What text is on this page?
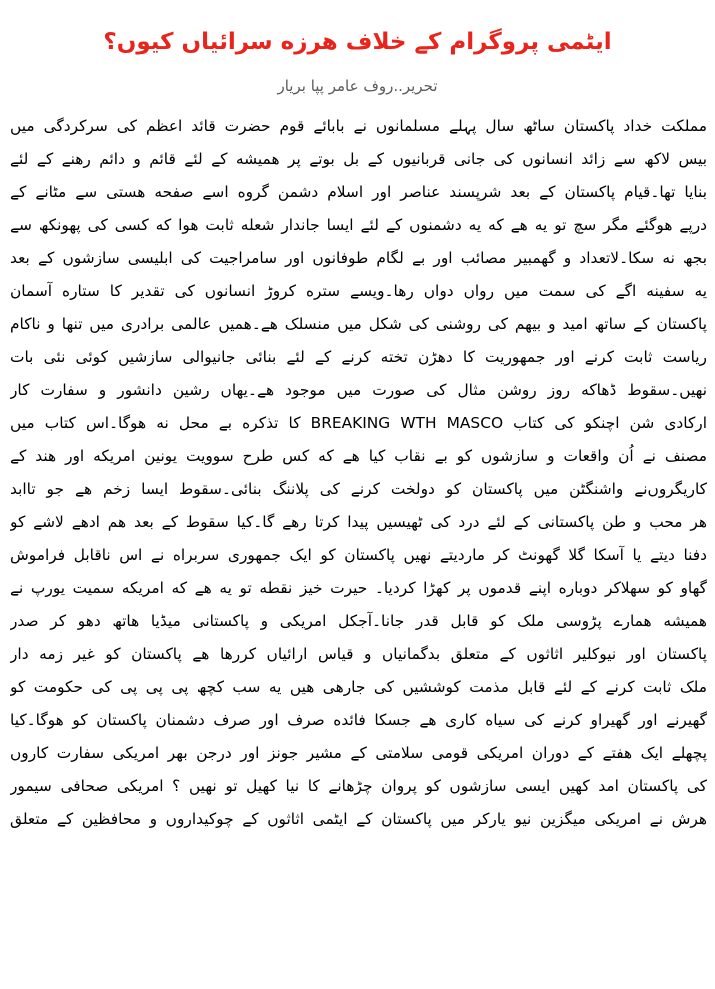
ایٹمی پروگرام کے خلاف هرزه سرائیاں کیوں؟
تحریر..روف عامر پپا بریار
مملکت خداد پاکستان ساٹھ سال پہلے مسلمانوں نے بابائے قوم حضرت قائد اعظم کی سرکردگی میں
بیس لاکھ سے زائد انسانوں کی جانی قربانیوں کے بل بوتے پر همیشه کے لئے قائم و دائم رهنے کے لئے
بنایا تها۔قیام پاکستان کے بعد شرپسند عناصر اور اسلام دشمن گروه اسے صفحه هستی سے مٹانے کے
درپے هوگئے مگر سچ تو یه هے که یه دشمنوں کے لئے ایسا جاندار شعله ثابت هوا که کسی کی پهونکھ سے
بجھ نه سکا۔لاتعداد و گھمبیر مصائب اور بے لگام طوفانوں اور سامراجیت کی ابلیسی سازشوں کے بعد
یه سفینه اگے کی سمت میں رواں دواں رها۔ویسے ستره کروڑ انسانوں کی تقدیر کا ستاره آسمان
پاکستان کے ساتھ امید و بیهم کی روشنی کی شکل میں منسلک هے۔همیں عالمی برادری میں تنها و ناکام
ریاست ثابت کرنے اور جمهوریت کا دهڑن تخته کرنے کے لئے بنائی جانیوالی سازشیں کوئی نئی بات
نهیں۔سقوط ڈهاکه روز روشن مثال کی صورت میں موجود هے۔یهاں رشین دانشور و سفارت کار
ارکادی شن اچنکو کی کتاب BREAKING WTH MASCO کا تذکره بے محل نه هوگا۔اس کتاب میں
مصنف نے اُن واقعات و سازشوں کو بے نقاب کیا هے که کس طرح سوویت یونین امریکه اور هند کے
کاریگروں‌نے واشنگٹن میں پاکستان کو دولخت کرنے کی پلاننگ بنائی۔سقوط ایسا زخم هے جو تاابد
هر محب و طن پاکستانی کے لئے درد کی ٹهیسیں پیدا کرتا رهے گا۔کیا سقوط کے بعد هم ادهے لاشے کو
دفنا دیتے یا آسکا گلا گھونٹ کر ماردیتے نهیں پاکستان کو ایک جمهوری سربراه نے اس ناقابل فراموش
گهاو کو سهلاکر دوباره اپنے قدموں پر کهڑا کردیا۔ حیرت خیز نقطه تو یه هے که امریکه سمیت یورپ نے
همیشه همارے پڑوسی ملک کو قابل قدر جانا۔آجکل امریکی و پاکستانی میڈیا هاتھ دهو کر صدر
پاکستان اور نیوکلیر اثاثوں کے متعلق بدگمانیاں و قیاس ارائیاں کررها هے پاکستان کو غیر زمه دار
ملک ثابت کرنے کے لئے قابل مذمت کوششیں کی جارهی هیں یه سب کچھ پی پی پی کی حکومت کو
گهیرنے اور گهیراو کرنے کی سیاه کاری هے جسکا فائده صرف اور صرف دشمنان پاکستان کو هوگا۔کیا
پچهلے ایک هفتے کے دوران امریکی قومی سلامتی کے مشیر جونز اور درجن بهر امریکی سفارت کاروں
کی پاکستان امد کهیں ایسی سازشوں کو پروان چڑهانے کا نیا کهیل تو نهیں ؟ امریکی صحافی سیمور
هرش نے امریکی میگزین نیو یارکر میں پاکستان کے ایٹمی اثاثوں کے چوکیداروں و محافظین کے متعلق
